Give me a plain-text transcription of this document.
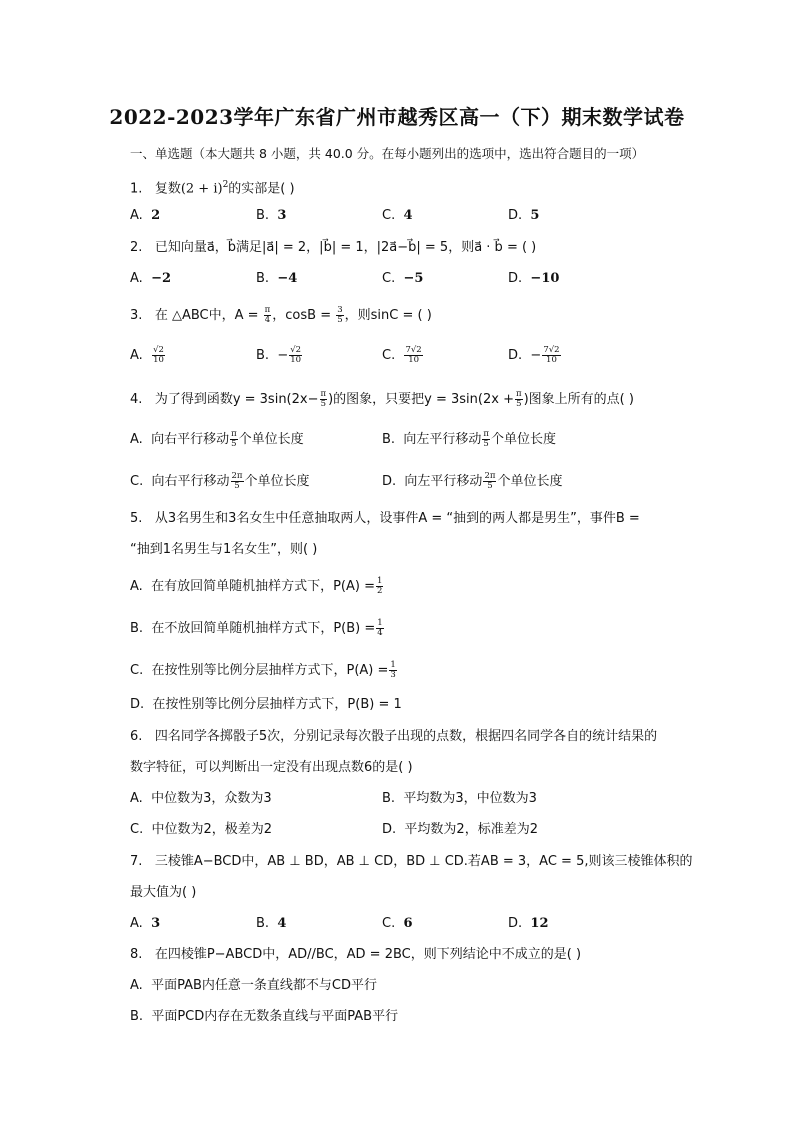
2022-2023学年广东省广州市越秀区高一（下）期末数学试卷
一、单选题（本大题共 8 小题，共 40.0 分。在每小题列出的选项中，选出符合题目的一项）
1. 复数$(2 + i)^2$的实部是( )
A. 2	B. 3	C. 4	D. 5
2. 已知向量a⃗，b⃗满足|a⃗| = 2，|b⃗| = 1，|2a⃗−b⃗| = 5，则a⃗ · b⃗ = ( )
A. −2	B. −4	C. −5	D. −10
3. 在 △ABC中，$A = \frac{\pi}{4}$ ，$\cos B = \frac{3}{5}$ ，则sinC = ( )
A. $\frac{√2}{10}$	B. − $\frac{√2}{10}$	C. $\frac{7√2}{10}$	D. − $\frac{7√2}{10}$
4. 为了得到函数$y = 3\sin(2x- \frac{\pi}{5}$ )的图象，只要把$y = 3\sin(2x + \frac{\pi}{5}$ )图象上所有的点( )
A. 向右平行移动 $\frac{\pi}{5}$ 个单位长度	B. 向左平行移动 $\frac{\pi}{5}$ 个单位长度
C. 向右平行移动 $\frac{2\pi}{5}$ 个单位长度	D. 向左平行移动 $\frac{2\pi}{5}$ 个单位长度
5. 从3名男生和3名女生中任意抽取两人，设事件A = “抽到的两人都是男生”，事件B =
“抽到1名男生与1名女生”，则( )
A. 在有放回简单随机抽样方式下，$P(A) = \frac{1}{2}$
B. 在不放回简单随机抽样方式下，$P(B) = \frac{1}{4}$
C. 在按性别等比例分层抽样方式下，$P(A) = \frac{1}{3}$
D. 在按性别等比例分层抽样方式下，P(B) = 1
6. 四名同学各掷骰子5次，分别记录每次骰子出现的点数，根据四名同学各自的统计结果的
数字特征，可以判断出一定没有出现点数6的是( )
A. 中位数为3，众数为3	B. 平均数为3，中位数为3
C. 中位数为2，极差为2	D. 平均数为2，标准差为2
7. 三棱锥A−BCD中，AB ⊥ BD，AB ⊥ CD，BD ⊥ CD.若AB = 3，AC = 5,则该三棱锥体积的
最大值为( )
A. 3	B. 4	C. 6	D. 12
8. 在四棱锥P−ABCD中，AD//BC，AD = 2BC，则下列结论中不成立的是( )
A. 平面PAB内任意一条直线都不与CD平行
B. 平面PCD内存在无数条直线与平面PAB平行
